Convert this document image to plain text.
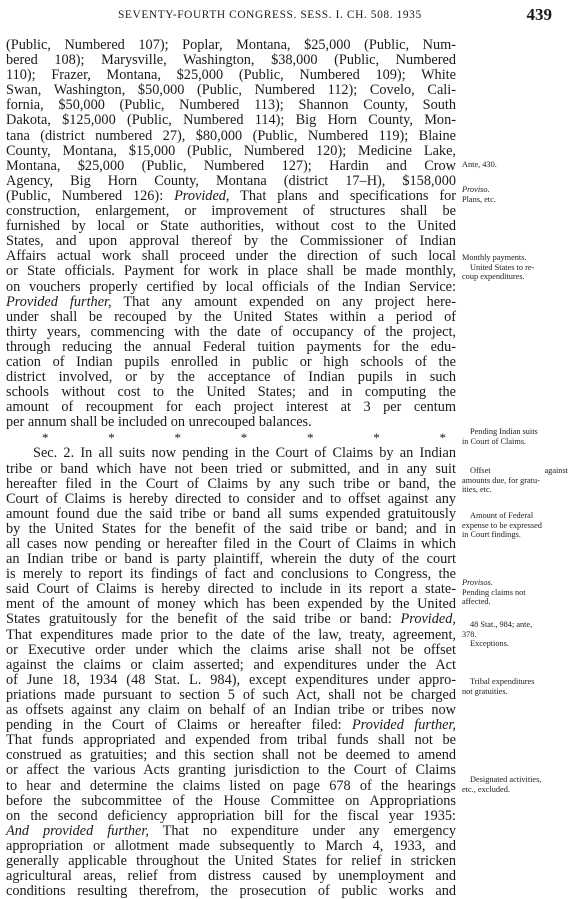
SEVENTY-FOURTH CONGRESS. SESS. I. CH. 508. 1935	439
(Public, Numbered 107); Poplar, Montana, $25,000 (Public, Num-
bered 108); Marysville, Washington, $38,000 (Public, Numbered
110); Frazer, Montana, $25,000 (Public, Numbered 109); White
Swan, Washington, $50,000 (Public, Numbered 112); Covelo, Cali-
fornia, $50,000 (Public, Numbered 113); Shannon County, South
Dakota, $125,000 (Public, Numbered 114); Big Horn County, Mon-
tana (district numbered 27), $80,000 (Public, Numbered 119); Blaine
County, Montana, $15,000 (Public, Numbered 120); Medicine Lake,
Montana, $25,000 (Public, Numbered 127); Hardin and Crow
Agency, Big Horn County, Montana (district 17–H), $158,000
(Public, Numbered 126): Provided, That plans and specifications for
construction, enlargement, or improvement of structures shall be
furnished by local or State authorities, without cost to the United
States, and upon approval thereof by the Commissioner of Indian
Affairs actual work shall proceed under the direction of such local
or State officials. Payment for work in place shall be made monthly,
on vouchers properly certified by local officials of the Indian Service:
Provided further, That any amount expended on any project here-
under shall be recouped by the United States within a period of
thirty years, commencing with the date of occupancy of the project,
through reducing the annual Federal tuition payments for the edu-
cation of Indian pupils enrolled in public or high schools of the
district involved, or by the acceptance of Indian pupils in such
schools without cost to the United States; and in computing the
amount of recoupment for each project interest at 3 per centum
per annum shall be included on unrecouped balances.
*	*	*	*	*	*	*
Sec. 2. In all suits now pending in the Court of Claims by an Indian
tribe or band which have not been tried or submitted, and in any suit
hereafter filed in the Court of Claims by any such tribe or band, the
Court of Claims is hereby directed to consider and to offset against any
amount found due the said tribe or band all sums expended gratuitously
by the United States for the benefit of the said tribe or band; and in
all cases now pending or hereafter filed in the Court of Claims in which
an Indian tribe or band is party plaintiff, wherein the duty of the court
is merely to report its findings of fact and conclusions to Congress, the
said Court of Claims is hereby directed to include in its report a state-
ment of the amount of money which has been expended by the United
States gratuitously for the benefit of the said tribe or band: Provided,
That expenditures made prior to the date of the law, treaty, agreement,
or Executive order under which the claims arise shall not be offset
against the claims or claim asserted; and expenditures under the Act
of June 18, 1934 (48 Stat. L. 984), except expenditures under appro-
priations made pursuant to section 5 of such Act, shall not be charged
as offsets against any claim on behalf of an Indian tribe or tribes now
pending in the Court of Claims or hereafter filed: Provided further,
That funds appropriated and expended from tribal funds shall not be
construed as gratuities; and this section shall not be deemed to amend
or affect the various Acts granting jurisdiction to the Court of Claims
to hear and determine the claims listed on page 678 of the hearings
before the subcommittee of the House Committee on Appropriations
on the second deficiency appropriation bill for the fiscal year 1935:
And provided further, That no expenditure under any emergency
appropriation or allotment made subsequently to March 4, 1933, and
generally applicable throughout the United States for relief in stricken
agricultural areas, relief from distress caused by unemployment and
conditions resulting therefrom, the prosecution of public works and
Ante, 430.
Proviso.
Plans, etc.
Monthly payments.
United States to re-
coup expenditures.
Pending Indian suits
in Court of Claims.
Offset against
amounts due, for gratu-
ities, etc.
Amount of Federal
expense to be expressed
in Court findings.
Provisos.
Pending claims not
affected.
48 Stat., 984; ante,
378.
Exceptions.
Tribal expenditures
not gratuities.
Designated activities,
etc., excluded.
